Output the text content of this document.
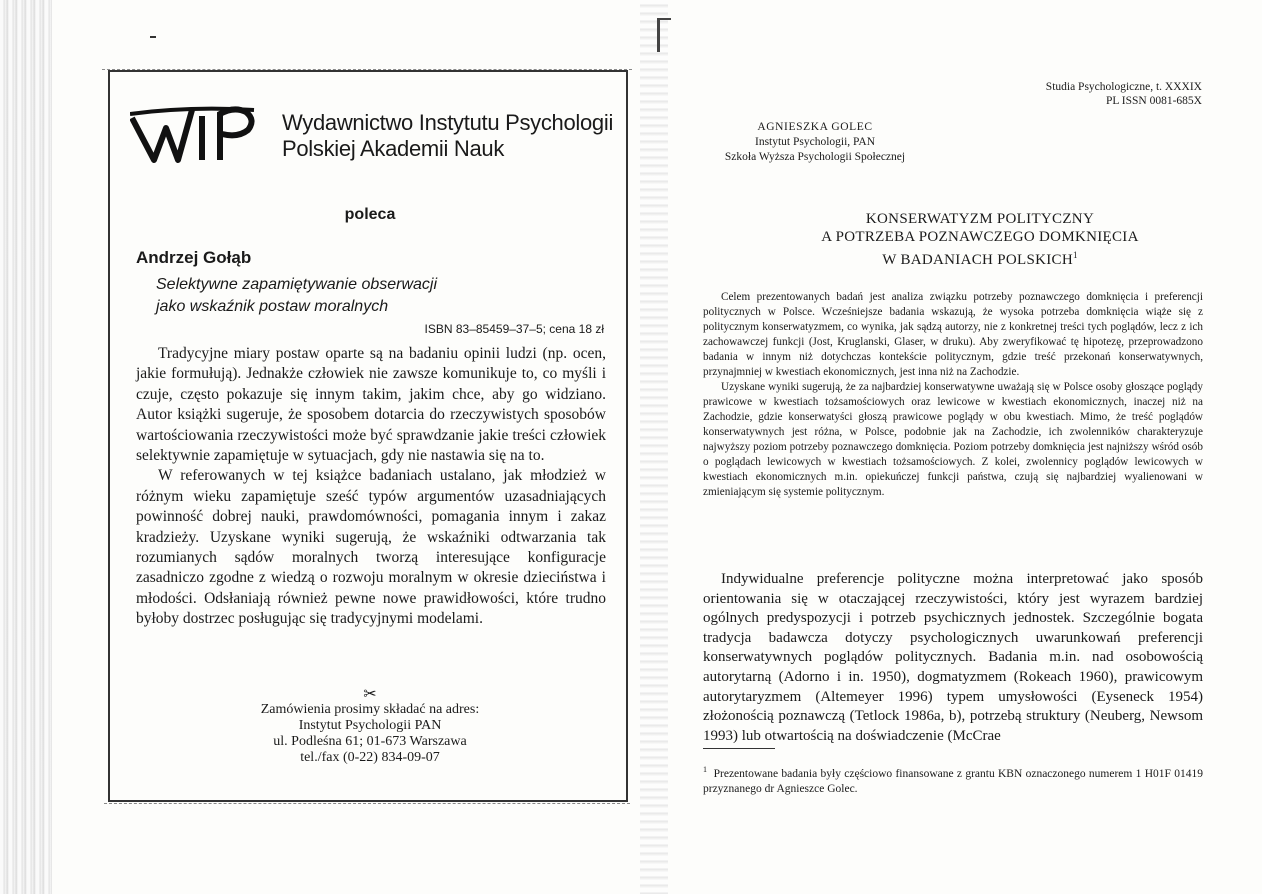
Wydawnictwo Instytutu Psychologii
Polskiej Akademii Nauk
poleca
Andrzej Gołąb
Selektywne zapamiętywanie obserwacji
jako wskaźnik postaw moralnych
ISBN 83–85459–37–5; cena 18 zł

Tradycyjne miary postaw oparte są na badaniu opinii ludzi (np. ocen, jakie formułują). Jednakże człowiek nie zawsze komunikuje to, co myśli i czuje, często pokazuje się innym takim, jakim chce, aby go widziano. Autor książki sugeruje, że sposobem dotarcia do rzeczywistych sposobów wartościowania rzeczywistości może być sprawdzanie jakie treści człowiek selektywnie zapamiętuje w sytuacjach, gdy nie nastawia się na to.

W referowanych w tej książce badaniach ustalano, jak młodzież w różnym wieku zapamiętuje sześć typów argumentów uzasadniających powinność dobrej nauki, prawdomówności, pomagania innym i zakaz kradzieży. Uzyskane wyniki sugerują, że wskaźniki odtwarzania tak rozumianych sądów moralnych tworzą interesujące konfiguracje zasadniczo zgodne z wiedzą o rozwoju moralnym w okresie dzieciństwa i młodości. Odsłaniają również pewne nowe prawidłowości, które trudno byłoby dostrzec posługując się tradycyjnymi modelami.

✂
Zamówienia prosimy składać na adres:
Instytut Psychologii PAN
ul. Podleśna 61; 01-673 Warszawa
tel./fax (0-22) 834-09-07
Studia Psychologiczne, t. XXXIX
PL ISSN 0081-685X
AGNIESZKA GOLEC
Instytut Psychologii, PAN
Szkoła Wyższa Psychologii Społecznej
KONSERWATYZM POLITYCZNY
A POTRZEBA POZNAWCZEGO DOMKNIĘCIA
W BADANIACH POLSKICH$^1$

Celem prezentowanych badań jest analiza związku potrzeby poznawczego domknięcia i preferencji politycznych w Polsce. Wcześniejsze badania wskazują, że wysoka potrzeba domknięcia wiąże się z politycznym konserwatyzmem, co wynika, jak sądzą autorzy, nie z konkretnej treści tych poglądów, lecz z ich zachowawczej funkcji (Jost, Kruglanski, Glaser, w druku). Aby zweryfikować tę hipotezę, przeprowadzono badania w innym niż dotychczas kontekście politycznym, gdzie treść przekonań konserwatywnych, przynajmniej w kwestiach ekonomicznych, jest inna niż na Zachodzie.

Uzyskane wyniki sugerują, że za najbardziej konserwatywne uważają się w Polsce osoby głoszące poglądy prawicowe w kwestiach tożsamościowych oraz lewicowe w kwestiach ekonomicznych, inaczej niż na Zachodzie, gdzie konserwatyści głoszą prawicowe poglądy w obu kwestiach. Mimo, że treść poglądów konserwatywnych jest różna, w Polsce, podobnie jak na Zachodzie, ich zwolenników charakteryzuje najwyższy poziom potrzeby poznawczego domknięcia. Poziom potrzeby domknięcia jest najniższy wśród osób o poglądach lewicowych w kwestiach tożsamościowych. Z kolei, zwolennicy poglądów lewicowych w kwestiach ekonomicznych m.in. opiekuńczej funkcji państwa, czują się najbardziej wyalienowani w zmieniającym się systemie politycznym.

Indywidualne preferencje polityczne można interpretować jako sposób orientowania się w otaczającej rzeczywistości, który jest wyrazem bardziej ogólnych predyspozycji i potrzeb psychicznych jednostek. Szczególnie bogata tradycja badawcza dotyczy psychologicznych uwarunkowań preferencji konserwatywnych poglądów politycznych. Badania m.in. nad osobowością autorytarną (Adorno i in. 1950), dogmatyzmem (Rokeach 1960), prawicowym autorytaryzmem (Altemeyer 1996) typem umysłowości (Eyseneck 1954) złożonością poznawczą (Tetlock 1986a, b), potrzebą struktury (Neuberg, Newsom 1993) lub otwartością na doświadczenie (McCrae

$^1$ Prezentowane badania były częściowo finansowane z grantu KBN oznaczonego numerem 1 H01F 01419 przyznanego dr Agnieszce Golec.
